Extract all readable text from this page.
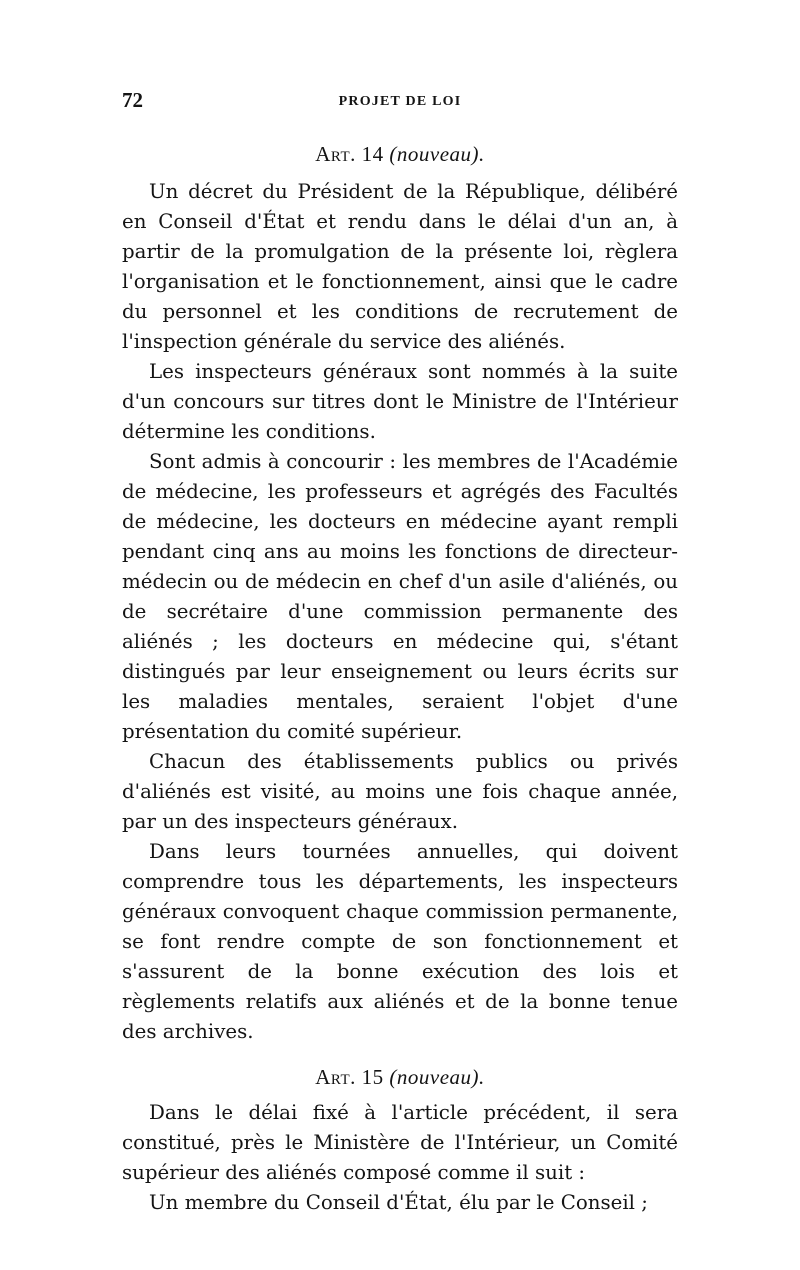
72	PROJET DE LOI
Art. 14 (nouveau).

Un décret du Président de la République, délibéré en Conseil d'État et rendu dans le délai d'un an, à partir de la promulgation de la présente loi, règlera l'organisation et le fonctionnement, ainsi que le cadre du personnel et les conditions de recrutement de l'inspection générale du service des aliénés.

Les inspecteurs généraux sont nommés à la suite d'un concours sur titres dont le Ministre de l'Intérieur détermine les conditions.

Sont admis à concourir : les membres de l'Académie de médecine, les professeurs et agrégés des Facultés de médecine, les docteurs en médecine ayant rempli pendant cinq ans au moins les fonctions de directeur-médecin ou de médecin en chef d'un asile d'aliénés, ou de secrétaire d'une commission permanente des aliénés ; les docteurs en médecine qui, s'étant distingués par leur enseignement ou leurs écrits sur les maladies mentales, seraient l'objet d'une présentation du comité supérieur.

Chacun des établissements publics ou privés d'aliénés est visité, au moins une fois chaque année, par un des inspecteurs généraux.

Dans leurs tournées annuelles, qui doivent comprendre tous les départements, les inspecteurs généraux convoquent chaque commission permanente, se font rendre compte de son fonctionnement et s'assurent de la bonne exécution des lois et règlements relatifs aux aliénés et de la bonne tenue des archives.

Art. 15 (nouveau).

Dans le délai fixé à l'article précédent, il sera constitué, près le Ministère de l'Intérieur, un Comité supérieur des aliénés composé comme il suit :

Un membre du Conseil d'État, élu par le Conseil ;
